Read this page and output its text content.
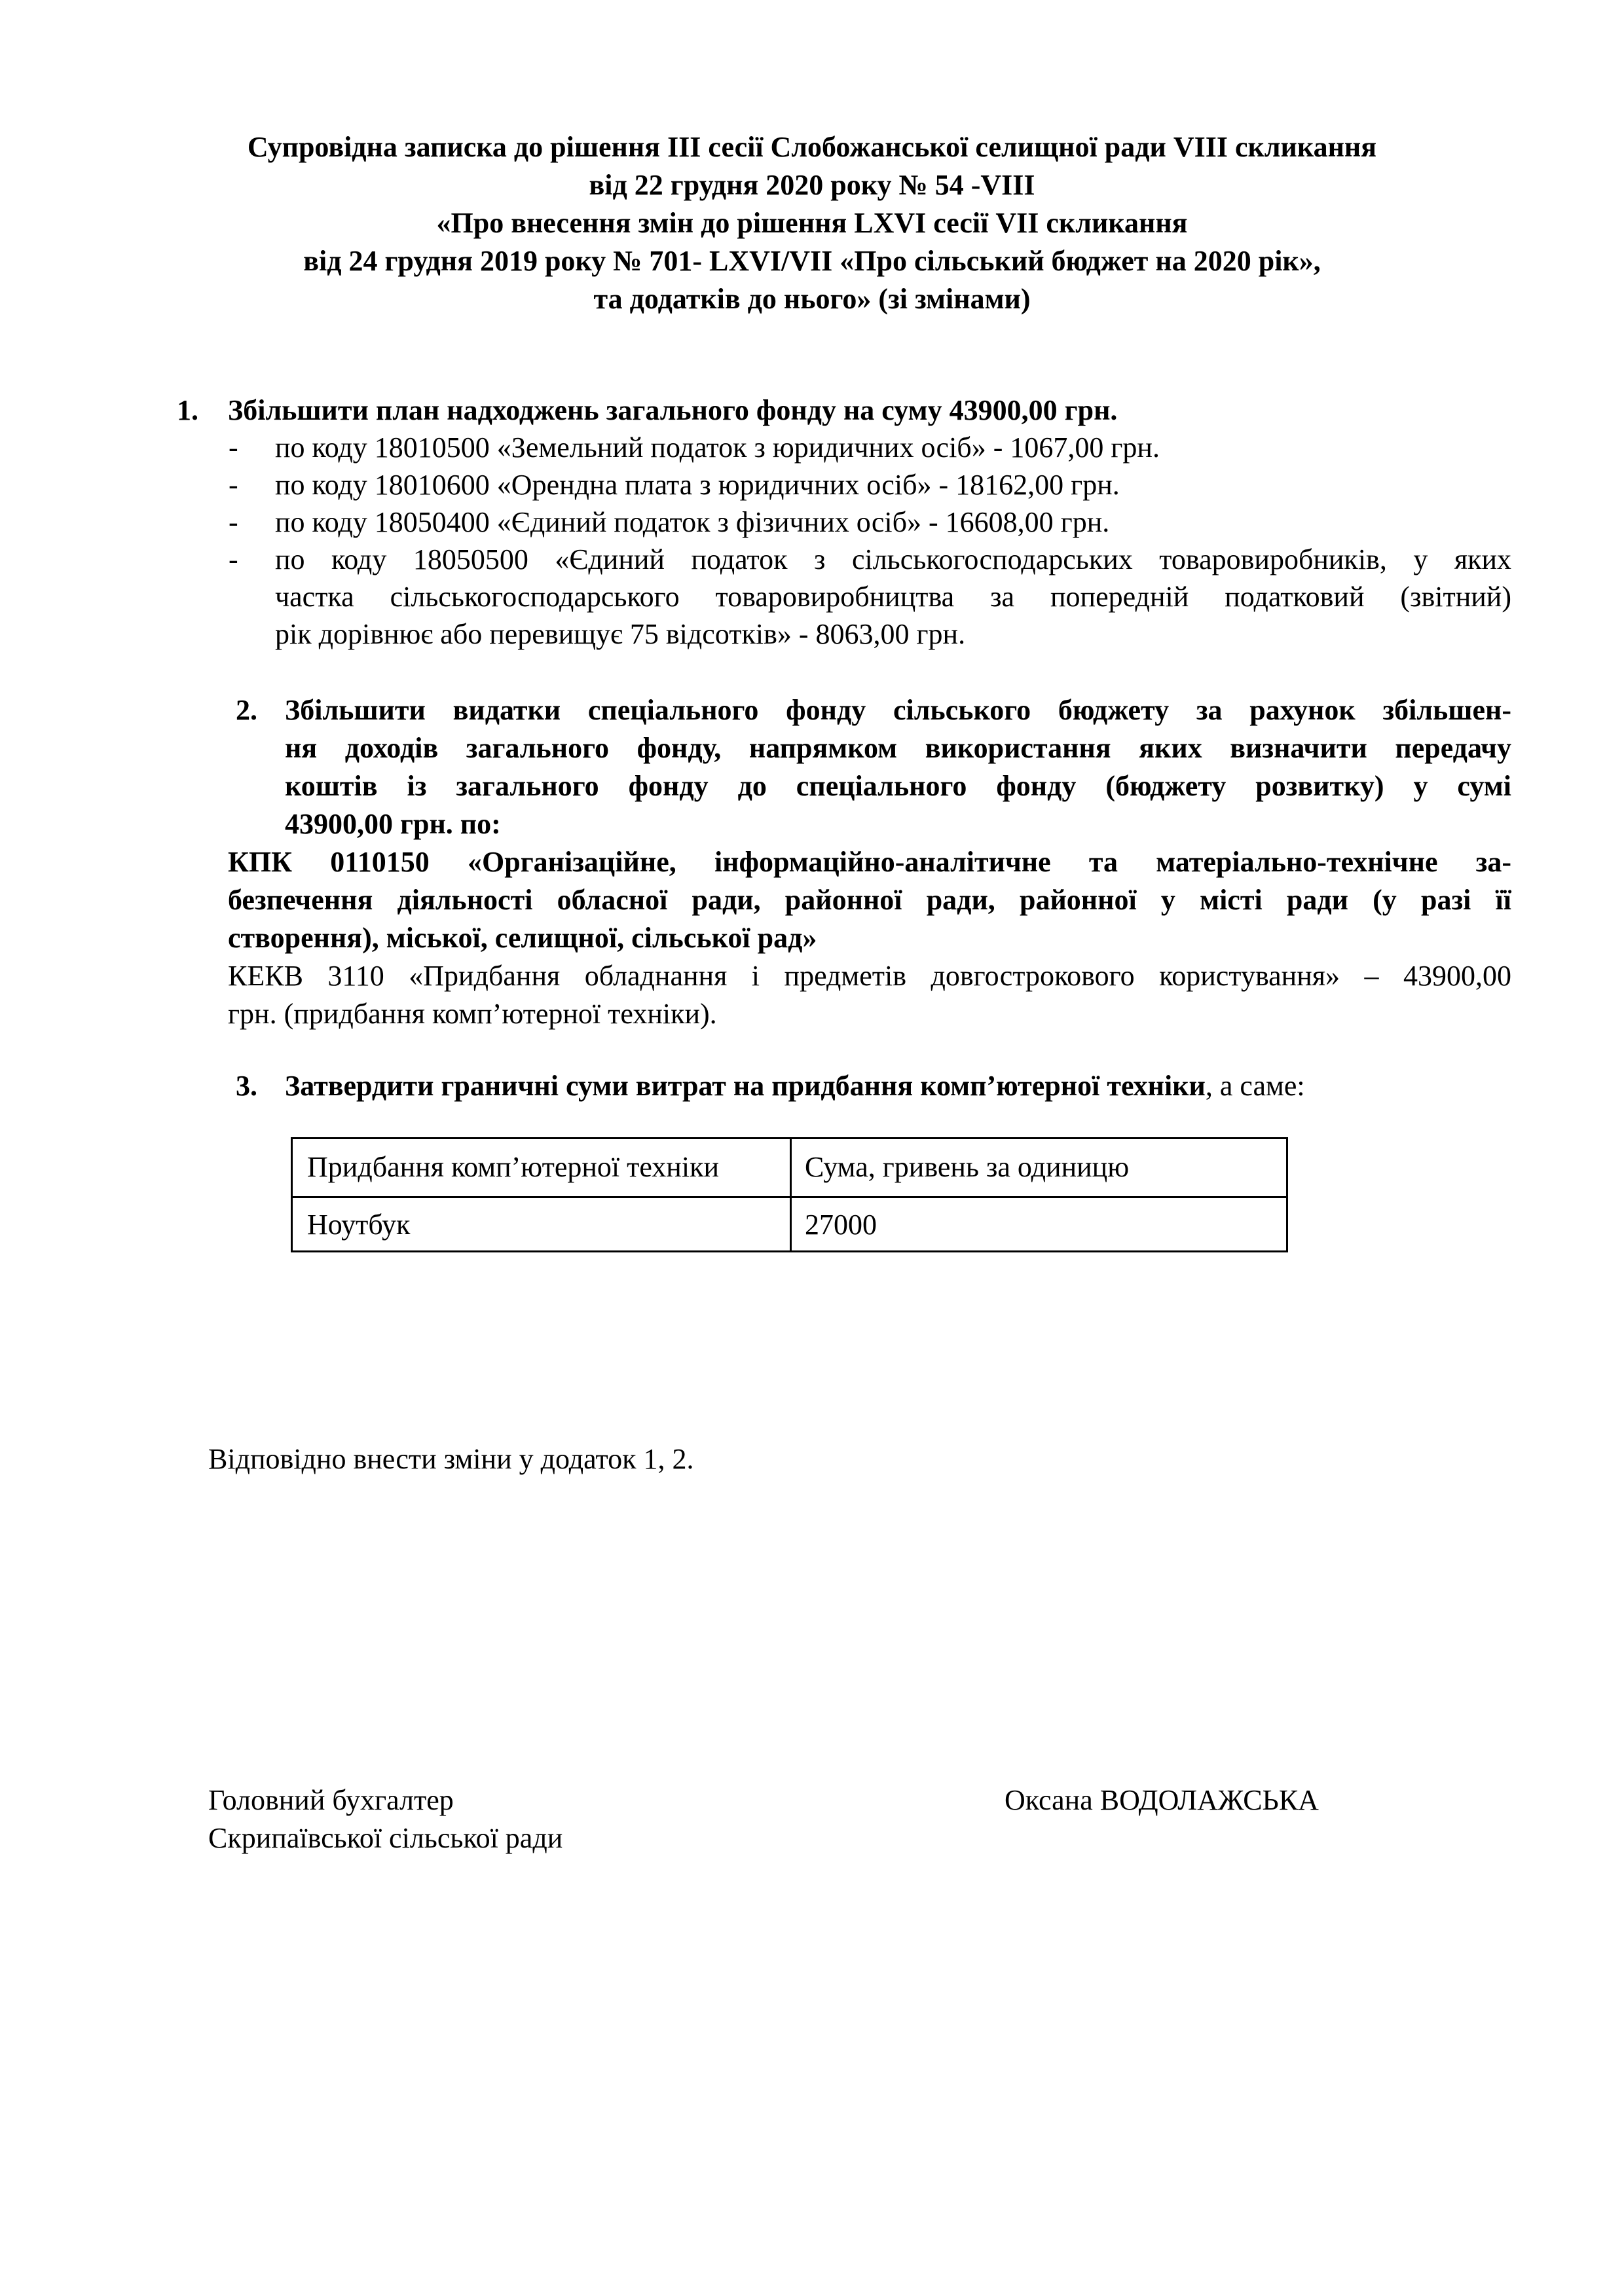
Супровідна записка до рішення ІІІ сесії Слобожанської селищної ради VIIІ скликання
від 22 грудня 2020 року № 54 -VIII
«Про внесення змін до рішення LXVI сесії VII скликання
від 24 грудня 2019 року № 701- LXVI/VII «Про сільський бюджет на 2020 рік»,
та додатків до нього» (зі змінами)
1. Збільшити план надходжень загального фонду на суму 43900,00 грн.
- по коду 18010500 «Земельний податок з юридичних осіб» - 1067,00 грн.
- по коду 18010600 «Орендна плата з юридичних осіб» - 18162,00 грн.
- по коду 18050400 «Єдиний податок з фізичних осіб» - 16608,00 грн.
- по коду 18050500 «Єдиний податок з сільськогосподарських товаровиробників, у яких
частка сільськогосподарського товаровиробництва за попередній податковий (звітний)
рік дорівнює або перевищує 75 відсотків» - 8063,00 грн.
2. Збільшити видатки спеціального фонду сільського бюджету за рахунок збільшен-
ня доходів загального фонду, напрямком використання яких визначити передачу
коштів із загального фонду до спеціального фонду (бюджету розвитку) у сумі
43900,00 грн. по:
КПК 0110150 «Організаційне, інформаційно-аналітичне та матеріально-технічне за-
безпечення діяльності обласної ради, районної ради, районної у місті ради (у разі її
створення), міської, селищної, сільської рад»
КЕКВ 3110 «Придбання обладнання і предметів довгострокового користування» – 43900,00
грн. (придбання комп’ютерної техніки).
3. Затвердити граничні суми витрат на придбання комп’ютерної техніки, а саме:
Придбання комп’ютерної техніки	Сума, гривень за одиницю
Ноутбук	27000
Відповідно внести зміни у додаток 1, 2.
Головний бухгалтер
Скрипаївської сільської ради
Оксана ВОДОЛАЖСЬКА
